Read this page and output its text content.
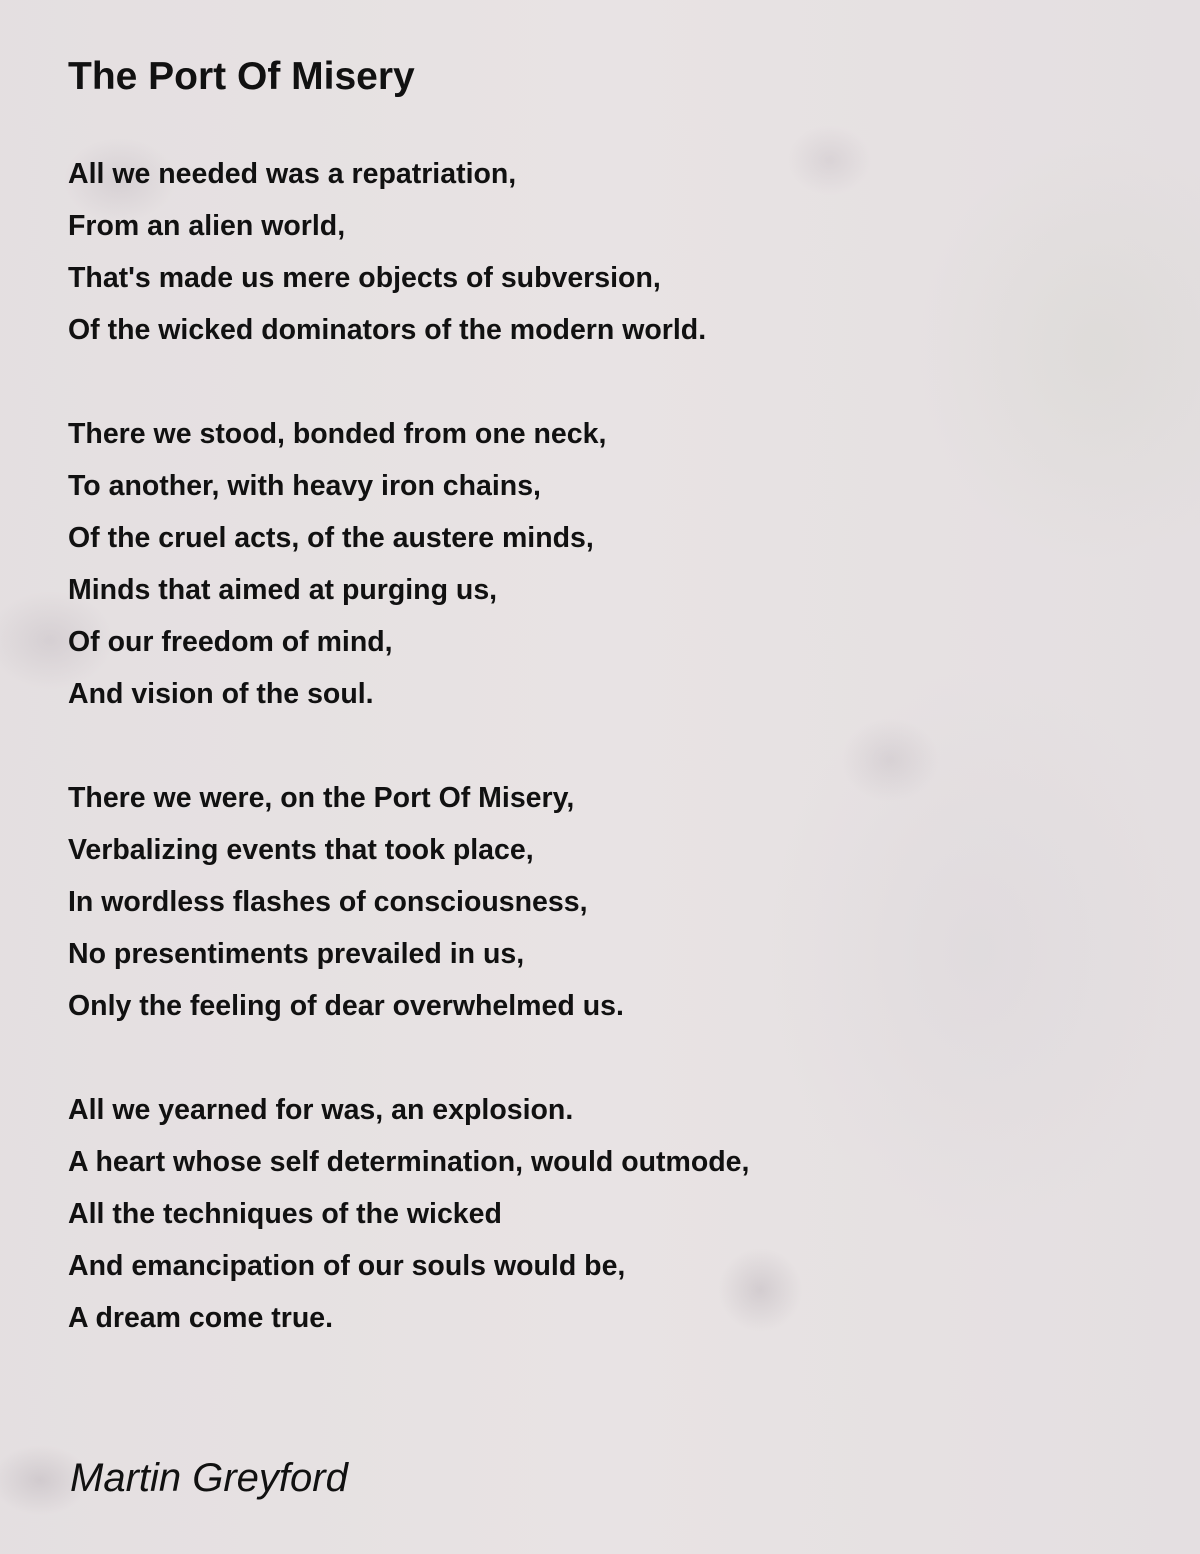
The Port Of Misery
All we needed was a repatriation,
From an alien world,
That's made us mere objects of subversion,
Of the wicked dominators of the modern world.
There we stood, bonded from one neck,
To another, with heavy iron chains,
Of the cruel acts, of the austere minds,
Minds that aimed at purging us,
Of our freedom of mind,
And vision of the soul.
There we were, on the Port Of Misery,
Verbalizing events that took place,
In wordless flashes of consciousness,
No presentiments prevailed in us,
Only the feeling of dear overwhelmed us.
All we yearned for was, an explosion.
A heart whose self determination, would outmode,
All the techniques of the wicked
And emancipation of our souls would be,
A dream come true.

Martin Greyford
